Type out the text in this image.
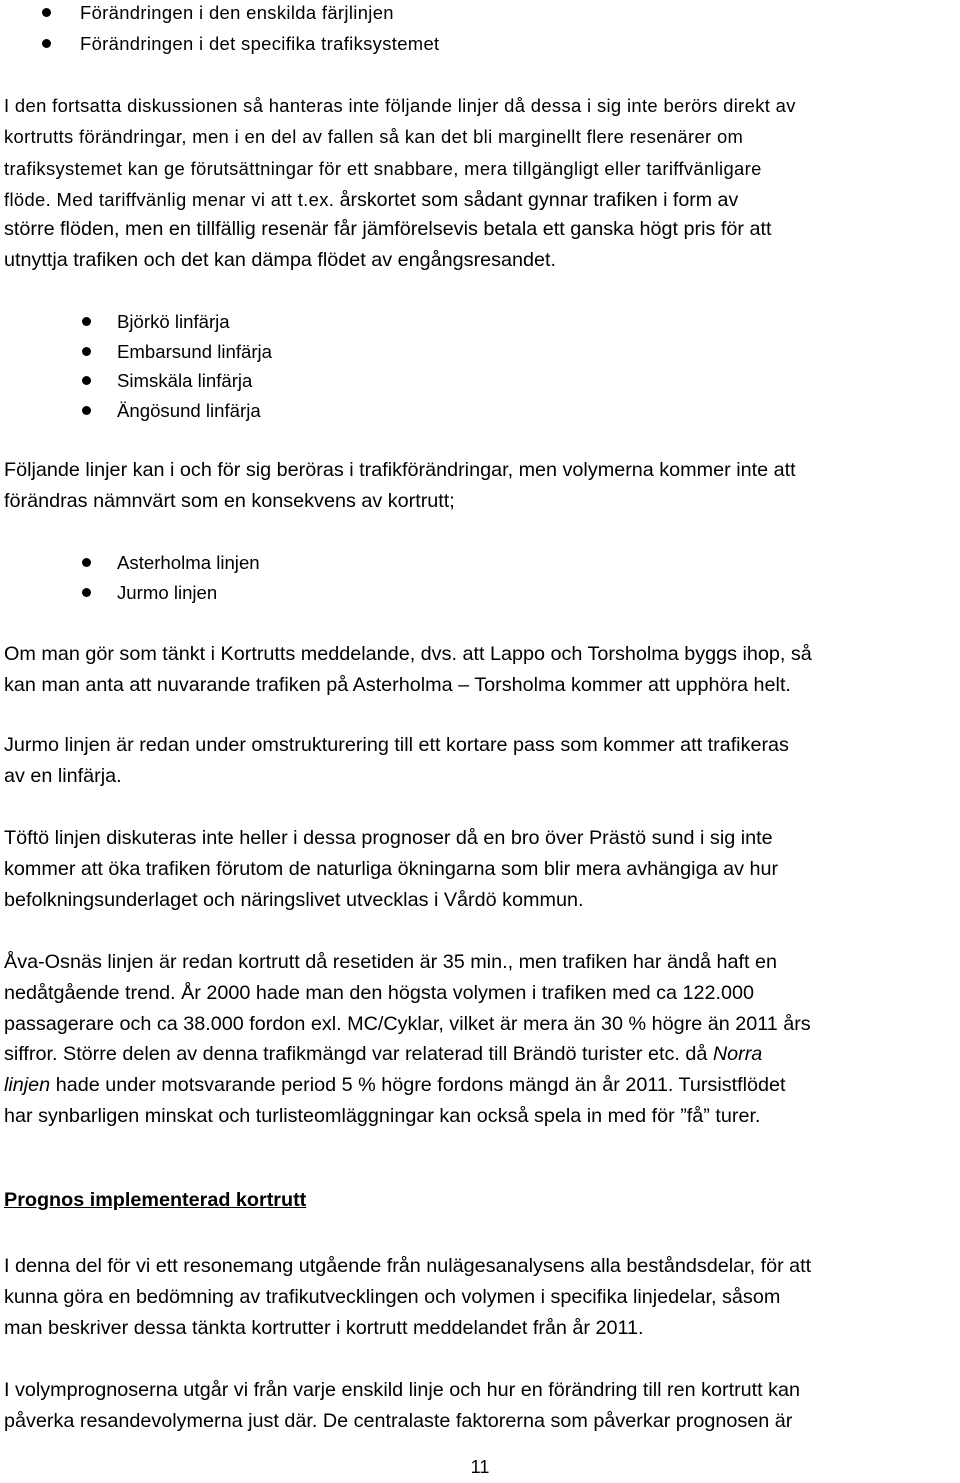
Förändringen i den enskilda färjlinjen
Förändringen i det specifika trafiksystemet

I den fortsatta diskussionen så hanteras inte följande linjer då dessa i sig inte berörs direkt av

kortrutts förändringar, men i en del av fallen så kan det bli marginellt flere resenärer om

trafiksystemet kan ge förutsättningar för ett snabbare, mera tillgängligt eller tariffvänligare

flöde. Med tariffvänlig menar vi att t.ex. årskortet som sådant gynnar trafiken i form av

större flöden, men en tillfällig resenär får jämförelsevis betala ett ganska högt pris för att

utnyttja trafiken och det kan dämpa flödet av engångsresandet.

Björkö linfärja
Embarsund linfärja
Simskäla linfärja
Ängösund linfärja

Följande linjer kan i och för sig beröras i trafikförändringar, men volymerna kommer inte att

förändras nämnvärt som en konsekvens av kortrutt;

Asterholma linjen
Jurmo linjen

Om man gör som tänkt i Kortrutts meddelande, dvs. att Lappo och Torsholma byggs ihop, så

kan man anta att nuvarande trafiken på Asterholma – Torsholma kommer att upphöra helt.

Jurmo linjen är redan under omstrukturering till ett kortare pass som kommer att trafikeras

av en linfärja.

Töftö linjen diskuteras inte heller i dessa prognoser då en bro över Prästö sund i sig inte

kommer att öka trafiken förutom de naturliga ökningarna som blir mera avhängiga av hur

befolkningsunderlaget och näringslivet utvecklas i Vårdö kommun.

Åva-Osnäs linjen är redan kortrutt då resetiden är 35 min., men trafiken har ändå haft en

nedåtgående trend. År 2000 hade man den högsta volymen i trafiken med ca 122.000

passagerare och ca 38.000 fordon exl. MC/Cyklar, vilket är mera än 30 % högre än 2011 års

siffror. Större delen av denna trafikmängd var relaterad till Brändö turister etc. då Norra

linjen hade under motsvarande period 5 % högre fordons mängd än år 2011. Tursistflödet

har synbarligen minskat och turlisteomläggningar kan också spela in med för ”få” turer.

Prognos implementerad kortrutt

I denna del för vi ett resonemang utgående från nulägesanalysens alla beståndsdelar, för att

kunna göra en bedömning av trafikutvecklingen och volymen i specifika linjedelar, såsom

man beskriver dessa tänkta kortrutter i kortrutt meddelandet från år 2011.

I volymprognoserna utgår vi från varje enskild linje och hur en förändring till ren kortrutt kan

påverka resandevolymerna just där. De centralaste faktorerna som påverkar prognosen är

11
